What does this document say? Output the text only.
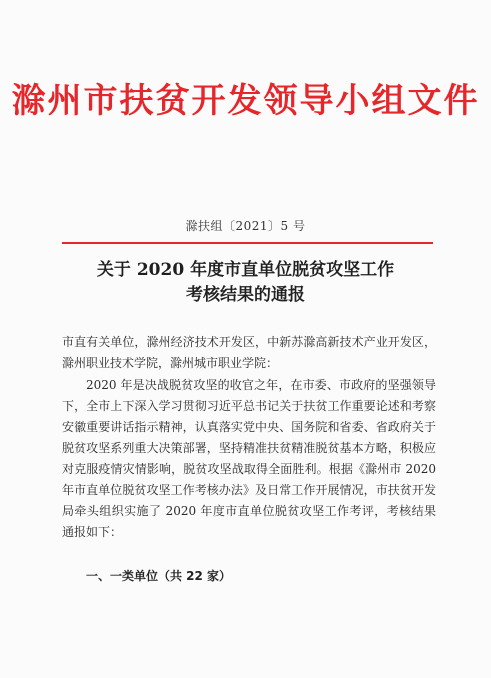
滁州市扶贫开发领导小组文件
滁扶组〔2021〕5 号
关于 2020 年度市直单位脱贫攻坚工作
考核结果的通报
市直有关单位，滁州经济技术开发区，中新苏滁高新技术产业开发区，滁州职业技术学院，滁州城市职业学院：
2020 年是决战脱贫攻坚的收官之年，在市委、市政府的坚强领导下，全市上下深入学习贯彻习近平总书记关于扶贫工作重要论述和考察安徽重要讲话指示精神，认真落实党中央、国务院和省委、省政府关于脱贫攻坚系列重大决策部署，坚持精准扶贫精准脱贫基本方略，积极应对克服疫情灾情影响，脱贫攻坚战取得全面胜利。根据《滁州市 2020 年市直单位脱贫攻坚工作考核办法》及日常工作开展情况，市扶贫开发局牵头组织实施了 2020 年度市直单位脱贫攻坚工作考评，考核结果通报如下：
一、一类单位（共 22 家）
